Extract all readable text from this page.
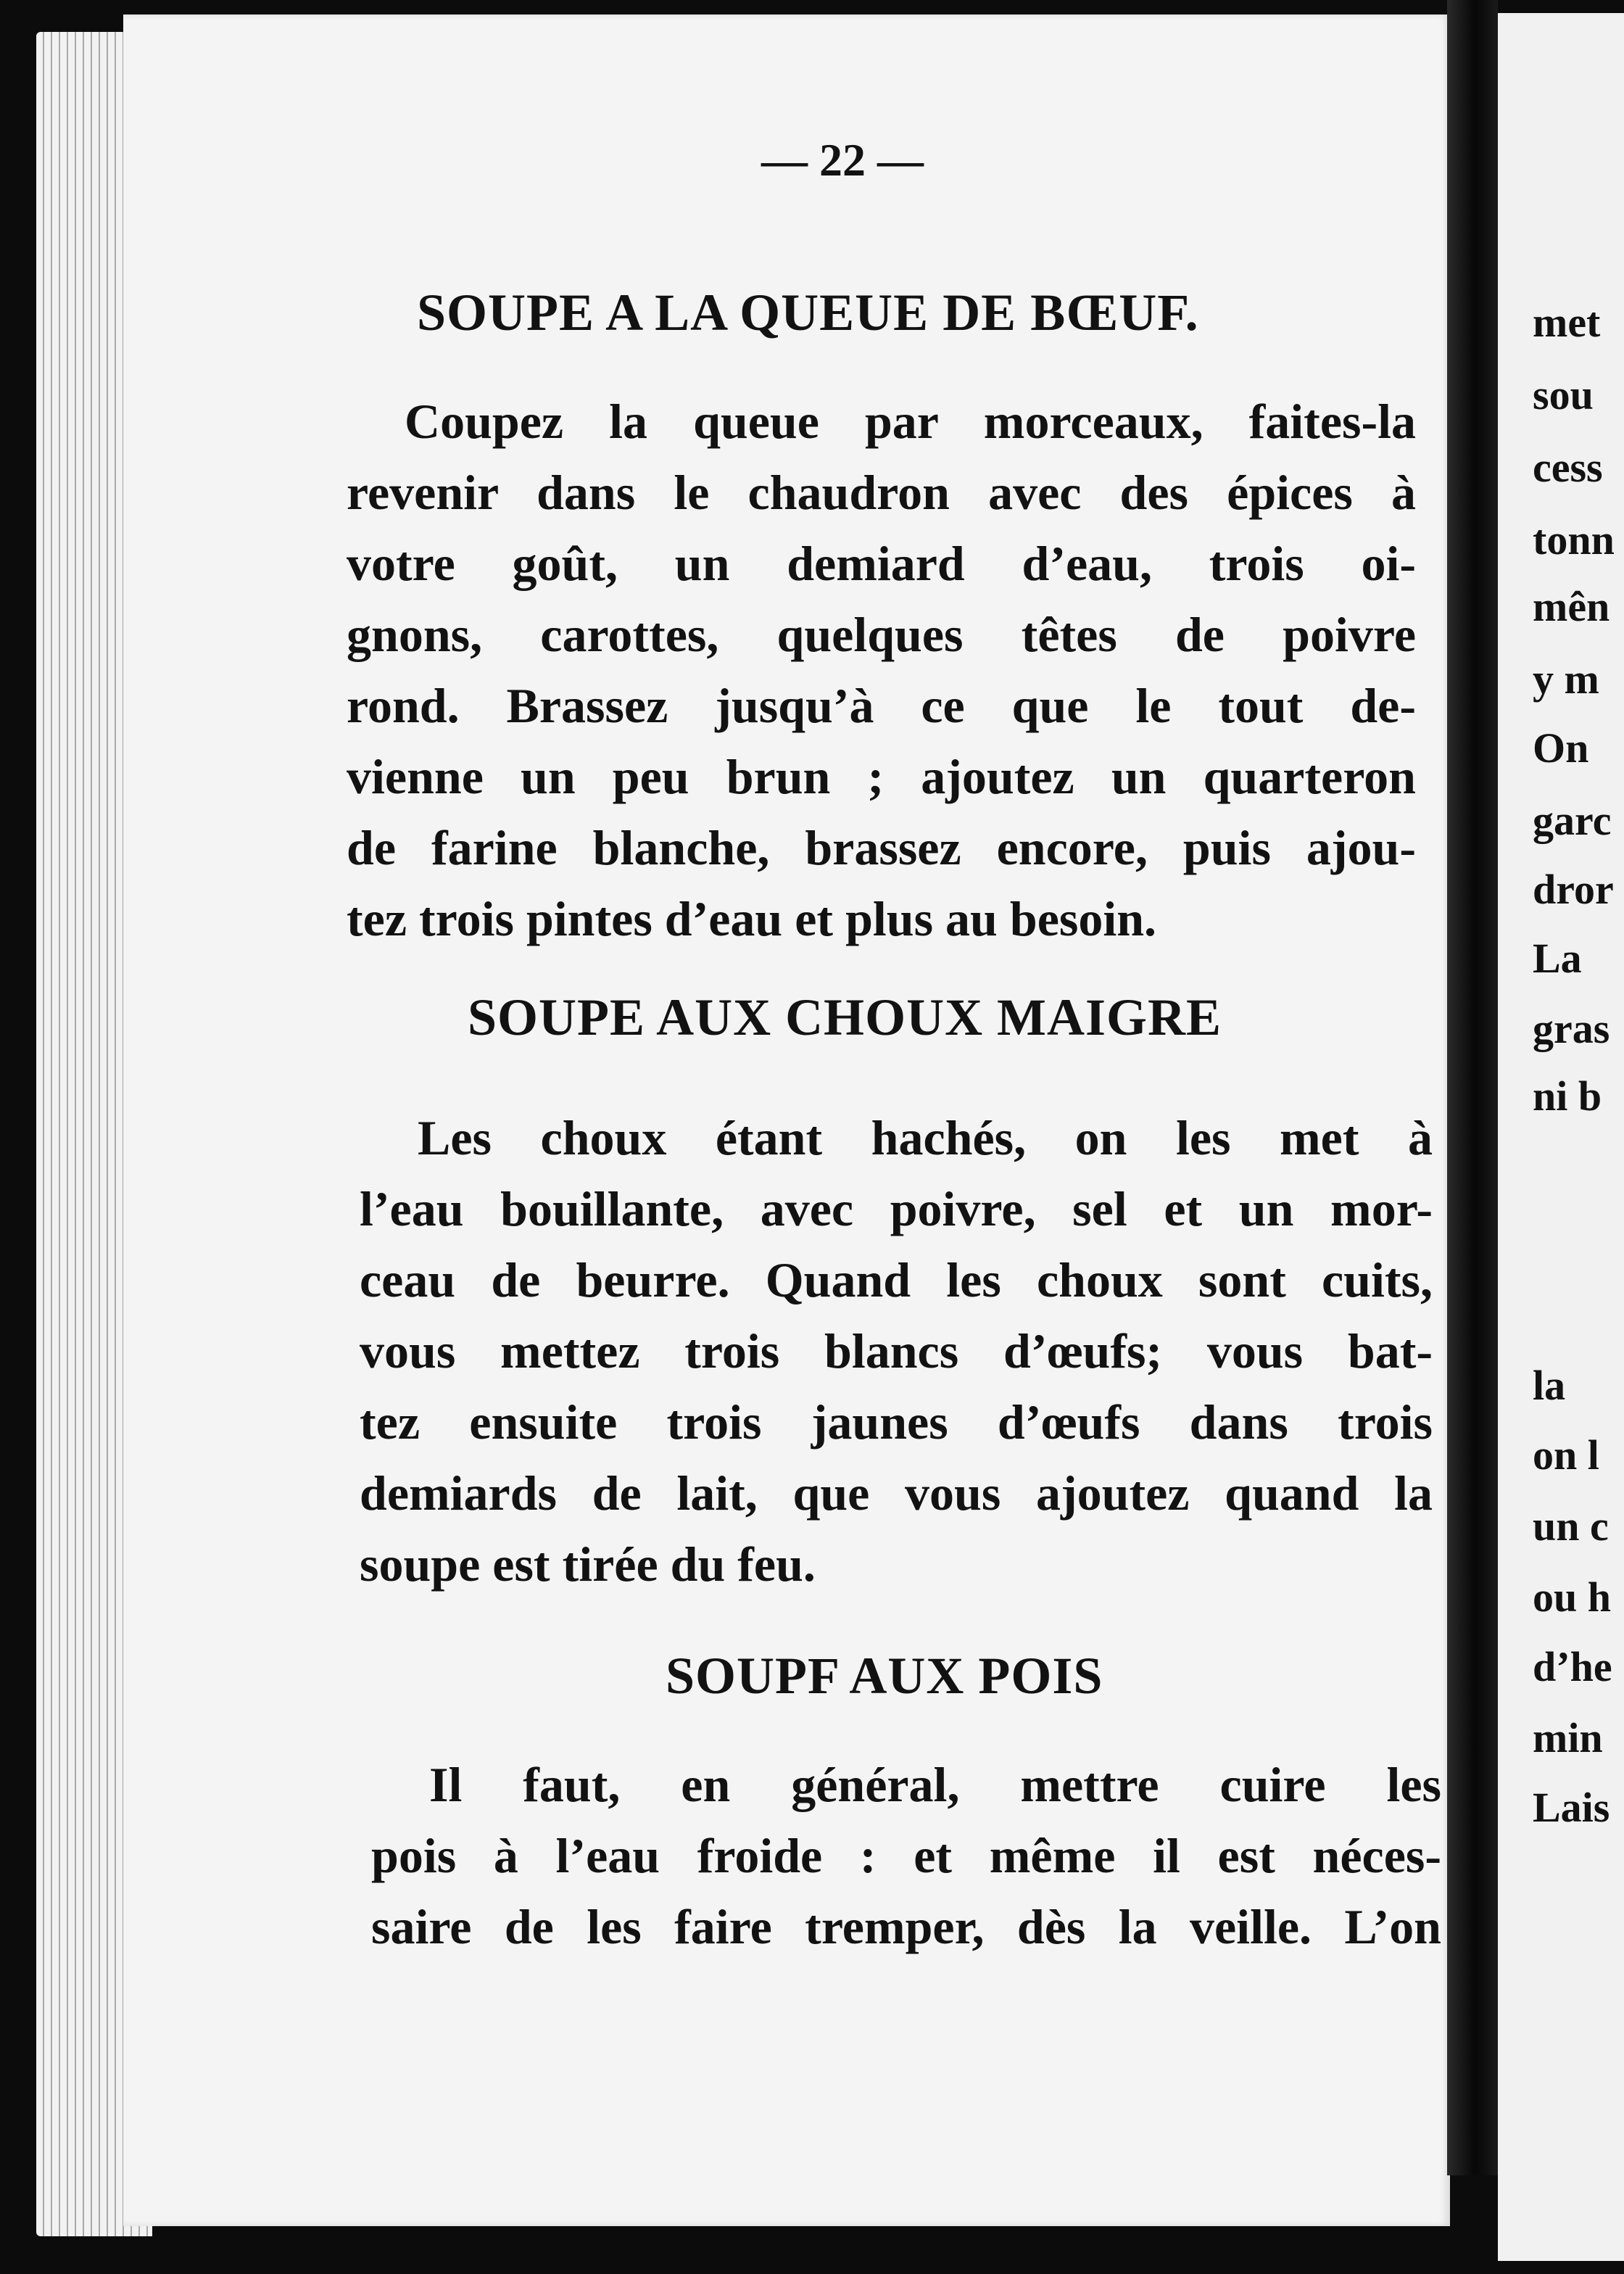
— 22 —
SOUPE A LA QUEUE DE BŒUF.
Coupez la queue par morceaux, faites-la
revenir dans le chaudron avec des épices à
votre goût, un demiard d’eau, trois oi-
gnons, carottes, quelques têtes de poivre
rond. Brassez jusqu’à ce que le tout de-
vienne un peu brun ; ajoutez un quarteron
de farine blanche, brassez encore, puis ajou-
tez trois pintes d’eau et plus au besoin.
SOUPE AUX CHOUX MAIGRE
Les choux étant hachés, on les met à
l’eau bouillante, avec poivre, sel et un mor-
ceau de beurre. Quand les choux sont cuits,
vous mettez trois blancs d’œufs; vous bat-
tez ensuite trois jaunes d’œufs dans trois
demiards de lait, que vous ajoutez quand la
soupe est tirée du feu.
SOUPF AUX POIS
Il faut, en général, mettre cuire les
pois à l’eau froide : et même il est néces-
saire de les faire tremper, dès la veille. L’on
met
sou
cess
tonn
mên
y m
On
garc
dror
La
gras
ni b
la
on l
un c
ou h
d’he
min
Lais
